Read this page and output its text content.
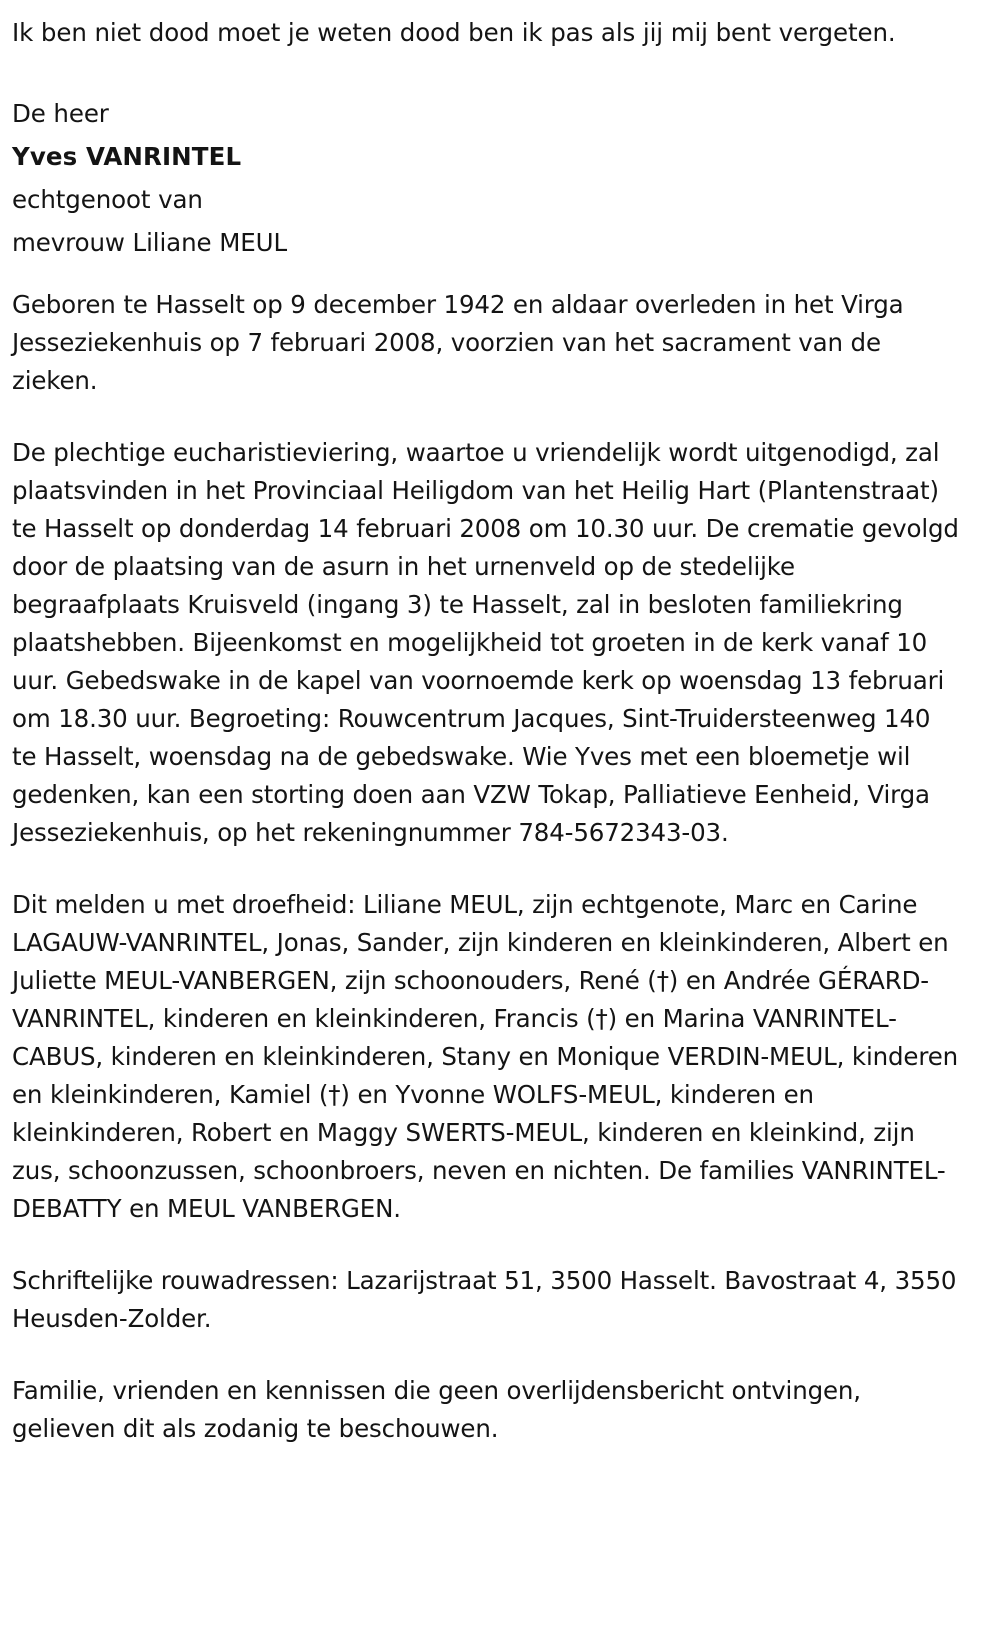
Ik ben niet dood moet je weten dood ben ik pas als jij mij bent vergeten.
De heer
Yves VANRINTEL
echtgenoot van
mevrouw Liliane MEUL
Geboren te Hasselt op 9 december 1942 en aldaar overleden in het Virga Jesseziekenhuis op 7 februari 2008, voorzien van het sacrament van de zieken.
De plechtige eucharistieviering, waartoe u vriendelijk wordt uitgenodigd, zal plaatsvinden in het Provinciaal Heiligdom van het Heilig Hart (Plantenstraat) te Hasselt op donderdag 14 februari 2008 om 10.30 uur. De crematie gevolgd door de plaatsing van de asurn in het urnenveld op de stedelijke begraafplaats Kruisveld (ingang 3) te Hasselt, zal in besloten familiekring plaatshebben. Bijeenkomst en mogelijkheid tot groeten in de kerk vanaf 10 uur. Gebedswake in de kapel van voornoemde kerk op woensdag 13 februari om 18.30 uur. Begroeting: Rouwcentrum Jacques, Sint-Truidersteenweg 140 te Hasselt, woensdag na de gebedswake. Wie Yves met een bloemetje wil gedenken, kan een storting doen aan VZW Tokap, Palliatieve Eenheid, Virga Jesseziekenhuis, op het rekeningnummer 784-5672343-03.
Dit melden u met droefheid: Liliane MEUL, zijn echtgenote, Marc en Carine LAGAUW-VANRINTEL, Jonas, Sander, zijn kinderen en kleinkinderen, Albert en Juliette MEUL-VANBERGEN, zijn schoonouders, René (†) en Andrée GÉRARD-VANRINTEL, kinderen en kleinkinderen, Francis (†) en Marina VANRINTEL-CABUS, kinderen en kleinkinderen, Stany en Monique VERDIN-MEUL, kinderen en kleinkinderen, Kamiel (†) en Yvonne WOLFS-MEUL, kinderen en kleinkinderen, Robert en Maggy SWERTS-MEUL, kinderen en kleinkind, zijn zus, schoonzussen, schoonbroers, neven en nichten. De families VANRINTEL-DEBATTY en MEUL VANBERGEN.
Schriftelijke rouwadressen: Lazarijstraat 51, 3500 Hasselt. Bavostraat 4, 3550 Heusden-Zolder.
Familie, vrienden en kennissen die geen overlijdensbericht ontvingen, gelieven dit als zodanig te beschouwen.
